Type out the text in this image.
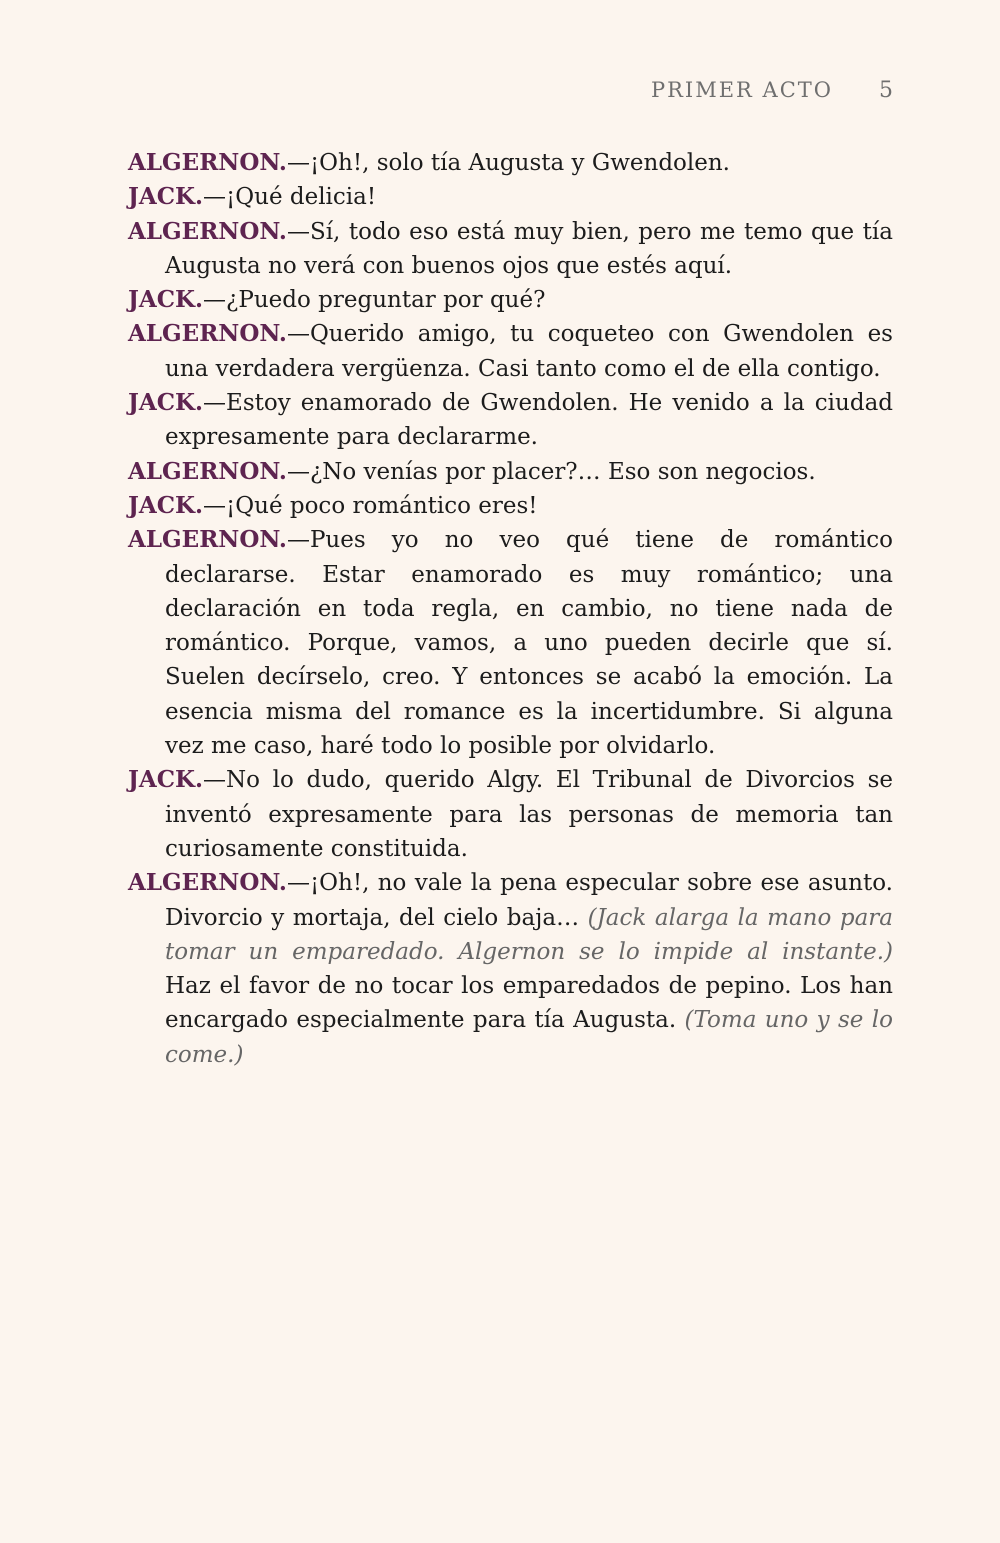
PRIMER ACTO 5

ALGERNON.—¡Oh!, solo tía Augusta y Gwendolen.

JACK.—¡Qué delicia!

ALGERNON.—Sí, todo eso está muy bien, pero me temo que tía Augusta no verá con buenos ojos que estés aquí.

JACK.—¿Puedo preguntar por qué?

ALGERNON.—Querido amigo, tu coqueteo con Gwendolen es una verdadera vergüenza. Casi tanto como el de ella contigo.

JACK.—Estoy enamorado de Gwendolen. He venido a la ciudad expresamente para declararme.

ALGERNON.—¿No venías por placer?… Eso son negocios.

JACK.—¡Qué poco romántico eres!

ALGERNON.—Pues yo no veo qué tiene de romántico declararse. Estar enamorado es muy romántico; una declaración en toda regla, en cambio, no tiene nada de romántico. Porque, vamos, a uno pueden decirle que sí. Suelen decírselo, creo. Y entonces se acabó la emoción. La esencia misma del romance es la incertidumbre. Si alguna vez me caso, haré todo lo posible por olvidarlo.

JACK.—No lo dudo, querido Algy. El Tribunal de Divorcios se inventó expresamente para las personas de memoria tan curiosamente constituida.

ALGERNON.—¡Oh!, no vale la pena especular sobre ese asunto. Divorcio y mortaja, del cielo baja… (Jack alarga la mano para tomar un emparedado. Algernon se lo impide al instante.) Haz el favor de no tocar los emparedados de pepino. Los han encargado especialmente para tía Augusta. (Toma uno y se lo come.)
